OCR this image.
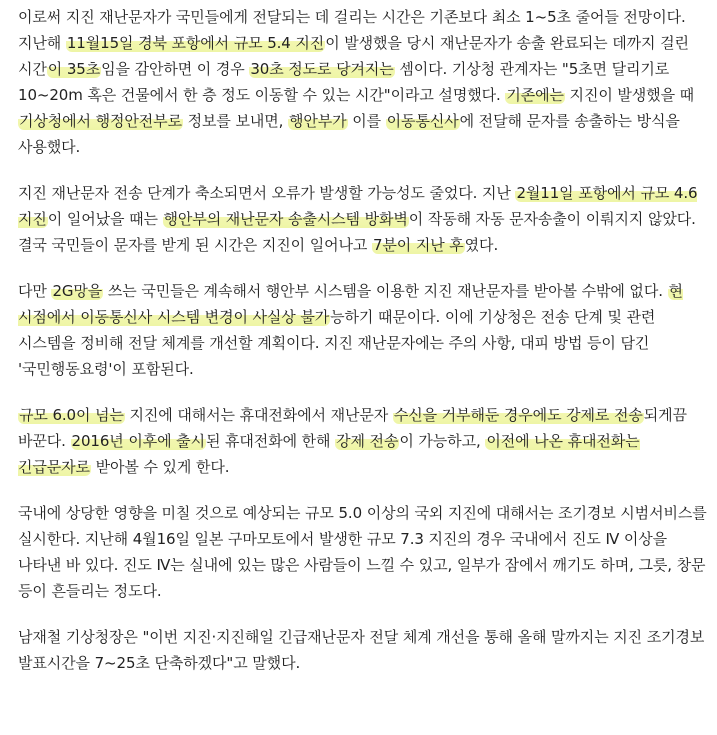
이로써 지진 재난문자가 국민들에게 전달되는 데 걸리는 시간은 기존보다 최소 1~5초 줄어들 전망이다. 지난해 11월15일 경북 포항에서 규모 5.4 지진이 발생했을 당시 재난문자가 송출 완료되는 데까지 걸린 시간이 35초임을 감안하면 이 경우 30초 정도로 당겨지는 셈이다. 기상청 관계자는 "5초면 달리기로 10~20m 혹은 건물에서 한 층 정도 이동할 수 있는 시간"이라고 설명했다. 기존에는 지진이 발생했을 때 기상청에서 행정안전부로 정보를 보내면, 행안부가 이를 이동통신사에 전달해 문자를 송출하는 방식을 사용했다.

지진 재난문자 전송 단계가 축소되면서 오류가 발생할 가능성도 줄었다. 지난 2월11일 포항에서 규모 4.6 지진이 일어났을 때는 행안부의 재난문자 송출시스템 방화벽이 작동해 자동 문자송출이 이뤄지지 않았다. 결국 국민들이 문자를 받게 된 시간은 지진이 일어나고 7분이 지난 후였다.

다만 2G망을 쓰는 국민들은 계속해서 행안부 시스템을 이용한 지진 재난문자를 받아볼 수밖에 없다. 현 시점에서 이동통신사 시스템 변경이 사실상 불가능하기 때문이다. 이에 기상청은 전송 단계 및 관련 시스템을 정비해 전달 체계를 개선할 계획이다. 지진 재난문자에는 주의 사항, 대피 방법 등이 담긴 '국민행동요령'이 포함된다.

규모 6.0이 넘는 지진에 대해서는 휴대전화에서 재난문자 수신을 거부해둔 경우에도 강제로 전송되게끔 바꾼다. 2016년 이후에 출시된 휴대전화에 한해 강제 전송이 가능하고, 이전에 나온 휴대전화는 긴급문자로 받아볼 수 있게 한다.

국내에 상당한 영향을 미칠 것으로 예상되는 규모 5.0 이상의 국외 지진에 대해서는 조기경보 시범서비스를 실시한다. 지난해 4월16일 일본 구마모토에서 발생한 규모 7.3 지진의 경우 국내에서 진도 Ⅳ 이상을 나타낸 바 있다. 진도 Ⅳ는 실내에 있는 많은 사람들이 느낄 수 있고, 일부가 잠에서 깨기도 하며, 그릇, 창문 등이 흔들리는 정도다.

남재철 기상청장은 "이번 지진·지진해일 긴급재난문자 전달 체계 개선을 통해 올해 말까지는 지진 조기경보 발표시간을 7~25초 단축하겠다"고 말했다.
